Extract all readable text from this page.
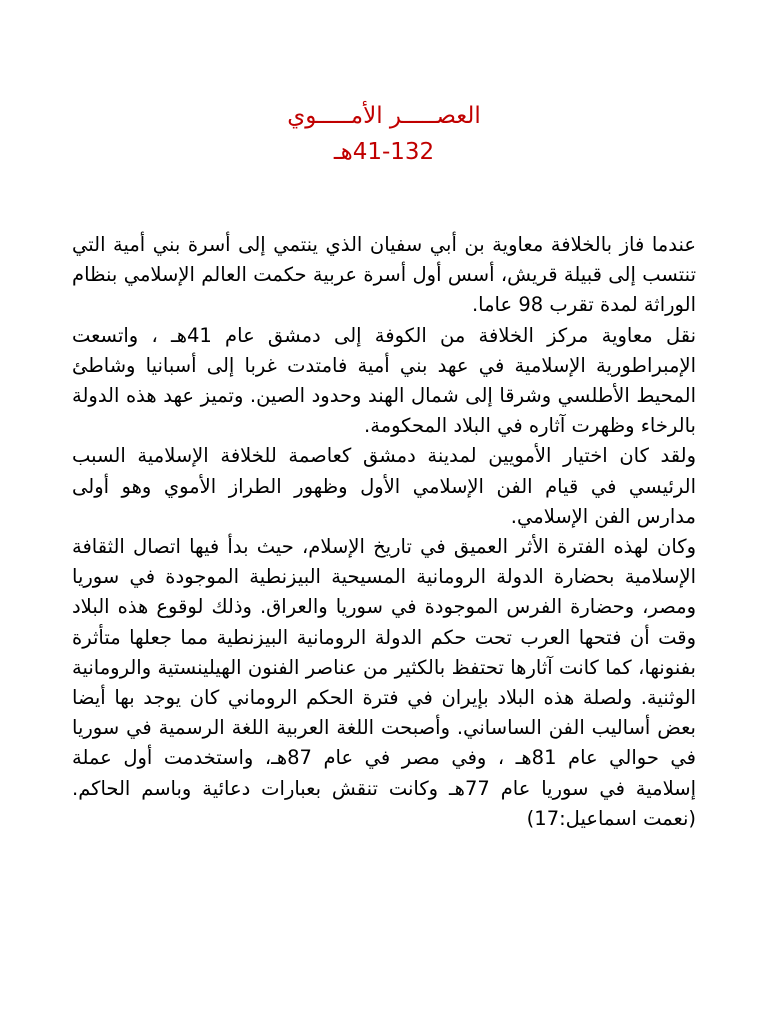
العصـــــر الأمـــــوي
41-132هـ

عندما فاز بالخلافة معاوية بن أبي سفيان الذي ينتمي إلى أسرة بني أمية التي تنتسب إلى قبيلة قريش، أسس أول أسرة عربية حكمت العالم الإسلامي بنظام الوراثة لمدة تقرب 98 عاما.

نقل معاوية مركز الخلافة من الكوفة إلى دمشق عام 41هـ ، واتسعت الإمبراطورية الإسلامية في عهد بني أمية فامتدت غربا إلى أسبانيا وشاطئ المحيط الأطلسي وشرقا إلى شمال الهند وحدود الصين. وتميز عهد هذه الدولة بالرخاء وظهرت آثاره في البلاد المحكومة.

ولقد كان اختيار الأمويين لمدينة دمشق كعاصمة للخلافة الإسلامية السبب الرئيسي في قيام الفن الإسلامي الأول وظهور الطراز الأموي وهو أولى مدارس الفن الإسلامي.

وكان لهذه الفترة الأثر العميق في تاريخ الإسلام، حيث بدأ فيها اتصال الثقافة الإسلامية بحضارة الدولة الرومانية المسيحية البيزنطية الموجودة في سوريا ومصر، وحضارة الفرس الموجودة في سوريا والعراق. وذلك لوقوع هذه البلاد وقت أن فتحها العرب تحت حكم الدولة الرومانية البيزنطية مما جعلها متأثرة بفنونها، كما كانت آثارها تحتفظ بالكثير من عناصر الفنون الهيلينستية والرومانية الوثنية. ولصلة هذه البلاد بإيران في فترة الحكم الروماني كان يوجد بها أيضا بعض أساليب الفن الساساني. وأصبحت اللغة العربية اللغة الرسمية في سوريا في حوالي عام 81هـ ، وفي مصر في عام 87هـ، واستخدمت أول عملة إسلامية في سوريا عام 77هـ وكانت تنقش بعبارات دعائية وباسم الحاكم.(نعمت اسماعيل:17)
